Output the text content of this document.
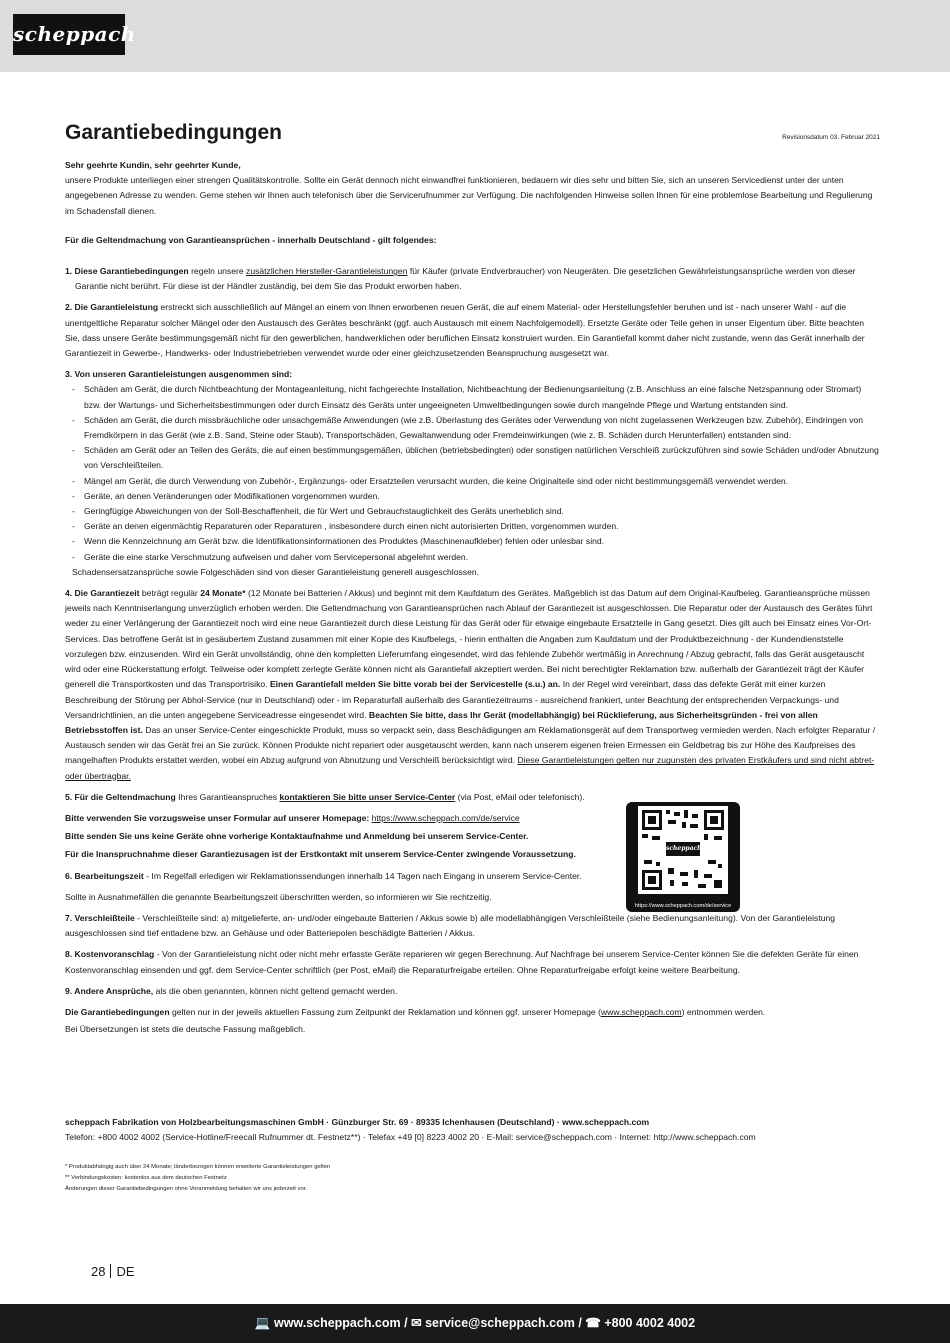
scheppach
Garantiebedingungen	Revisionsdatum 03. Februar 2021

Sehr geehrte Kundin, sehr geehrter Kunde,

unsere Produkte unterliegen einer strengen Qualitätskontrolle. Sollte ein Gerät dennoch nicht einwandfrei funktionieren, bedauern wir dies sehr und bitten Sie, sich an unseren Servicedienst unter der unten angegebenen Adresse zu wenden. Gerne stehen wir Ihnen auch telefonisch über die Servicerufnummer zur Verfügung. Die nachfolgenden Hinweise sollen Ihnen für eine problemlose Bearbeitung und Regulierung im Schadensfall dienen.

Für die Geltendmachung von Garantieansprüchen - innerhalb Deutschland - gilt folgendes:

1. Diese Garantiebedingungen regeln unsere zusätzlichen Hersteller-Garantieleistungen für Käufer (private Endverbraucher) von Neugeräten. Die gesetzlichen Gewährleistungsansprüche werden von dieser

Garantie nicht berührt. Für diese ist der Händler zuständig, bei dem Sie das Produkt erworben haben.

2. Die Garantieleistung erstreckt sich ausschließlich auf Mängel an einem von Ihnen erworbenen neuen Gerät, die auf einem Material- oder Herstellungsfehler beruhen und ist - nach unserer Wahl - auf die unentgeltliche Reparatur solcher Mängel oder den Austausch des Gerätes beschränkt (ggf. auch Austausch mit einem Nachfolgemodell). Ersetzte Geräte oder Teile gehen in unser Eigentum über. Bitte beachten Sie, dass unsere Geräte bestimmungsgemäß nicht für den gewerblichen, handwerklichen oder beruflichen Einsatz konstruiert wurden. Ein Garantiefall kommt daher nicht zustande, wenn das Gerät innerhalb der Garantiezeit in Gewerbe-, Handwerks- oder Industriebetrieben verwendet wurde oder einer gleichzusetzenden Beanspruchung ausgesetzt war.

3. Von unseren Garantieleistungen ausgenommen sind:

- Schäden am Gerät, die durch Nichtbeachtung der Montageanleitung, nicht fachgerechte Installation, Nichtbeachtung der Bedienungsanleitung (z.B. Anschluss an eine falsche Netzspannung oder Stromart) bzw. der Wartungs- und Sicherheitsbestimmungen oder durch Einsatz des Geräts unter ungeeigneten Umweltbedingungen sowie durch mangelnde Pflege und Wartung entstanden sind.
- Schäden am Gerät, die durch missbräuchliche oder unsachgemäße Anwendungen (wie z.B. Überlastung des Gerätes oder Verwendung von nicht zugelassenen Werkzeugen bzw. Zubehör), Eindringen von Fremdkörpern in das Gerät (wie z.B. Sand, Steine oder Staub), Transportschäden, Gewaltanwendung oder Fremdeinwirkungen (wie z. B. Schäden durch Herunterfallen) entstanden sind.
- Schäden am Gerät oder an Teilen des Geräts, die auf einen bestimmungsgemäßen, üblichen (betriebsbedingten) oder sonstigen natürlichen Verschleiß zurückzuführen sind sowie Schäden und/oder Abnutzung von Verschleißteilen.
- Mängel am Gerät, die durch Verwendung von Zubehör-, Ergänzungs- oder Ersatzteilen verursacht wurden, die keine Originalteile sind oder nicht bestimmungsgemäß verwendet werden.
- Geräte, an denen Veränderungen oder Modifikationen vorgenommen wurden.
- Geringfügige Abweichungen von der Soll-Beschaffenheit, die für Wert und Gebrauchstauglichkeit des Geräts unerheblich sind.
- Geräte an denen eigenmächtig Reparaturen oder Reparaturen , insbesondere durch einen nicht autorisierten Dritten, vorgenommen wurden.
- Wenn die Kennzeichnung am Gerät bzw. die Identifikationsinformationen des Produktes (Maschinenaufkleber) fehlen oder unlesbar sind.
- Geräte die eine starke Verschmutzung aufweisen und daher vom Servicepersonal abgelehnt werden.

Schadensersatzansprüche sowie Folgeschäden sind von dieser Garantieleistung generell ausgeschlossen.

4. Die Garantiezeit beträgt regulär 24 Monate* (12 Monate bei Batterien / Akkus) und beginnt mit dem Kaufdatum des Gerätes. Maßgeblich ist das Datum auf dem Original-Kaufbeleg. Garantieansprüche müssen jeweils nach Kenntniserlangung unverzüglich erhoben werden. Die Geltendmachung von Garantieansprüchen nach Ablauf der Garantiezeit ist ausgeschlossen. Die Reparatur oder der Austausch des Gerätes führt weder zu einer Verlängerung der Garantiezeit noch wird eine neue Garantiezeit durch diese Leistung für das Gerät oder für etwaige eingebaute Ersatzteile in Gang gesetzt. Dies gilt auch bei Einsatz eines Vor-Ort-Services. Das betroffene Gerät ist in gesäubertem Zustand zusammen mit einer Kopie des Kaufbelegs, - hierin enthalten die Angaben zum Kaufdatum und der Produktbezeichnung - der Kundendienststelle vorzulegen bzw. einzusenden. Wird ein Gerät unvollständig, ohne den kompletten Lieferumfang eingesendet, wird das fehlende Zubehör wertmäßig in Anrechnung / Abzug gebracht, falls das Gerät ausgetauscht wird oder eine Rückerstattung erfolgt. Teilweise oder komplett zerlegte Geräte können nicht als Garantiefall akzeptiert werden. Bei nicht berechtigter Reklamation bzw. außerhalb der Garantiezeit trägt der Käufer generell die Transportkosten und das Transportrisiko. Einen Garantiefall melden Sie bitte vorab bei der Servicestelle (s.u.) an. In der Regel wird vereinbart, dass das defekte Gerät mit einer kurzen Beschreibung der Störung per Abhol-Service (nur in Deutschland) oder - im Reparaturfall außerhalb des Garantiezeitraums - ausreichend frankiert, unter Beachtung der entsprechenden Verpackungs- und Versandrichtlinien, an die unten angegebene Serviceadresse eingesendet wird. Beachten Sie bitte, dass Ihr Gerät (modellabhängig) bei Rücklieferung, aus Sicherheitsgründen - frei von allen Betriebsstoffen ist. Das an unser Service-Center eingeschickte Produkt, muss so verpackt sein, dass Beschädigungen am Reklamationsgerät auf dem Transportweg vermieden werden. Nach erfolgter Reparatur / Austausch senden wir das Gerät frei an Sie zurück. Können Produkte nicht repariert oder ausgetauscht werden, kann nach unserem eigenen freien Ermessen ein Geldbetrag bis zur Höhe des Kaufpreises des mangelhaften Produkts erstattet werden, wobei ein Abzug aufgrund von Abnutzung und Verschleiß berücksichtigt wird. Diese Garantieleistungen gelten nur zugunsten des privaten Erstkäufers und sind nicht abtret- oder übertragbar.

5. Für die Geltendmachung Ihres Garantieanspruches kontaktieren Sie bitte unser Service-Center (via Post, eMail oder telefonisch).

Bitte verwenden Sie vorzugsweise unser Formular auf unserer Homepage: https://www.scheppach.com/de/service

Bitte senden Sie uns keine Geräte ohne vorherige Kontaktaufnahme und Anmeldung bei unserem Service-Center.

Für die Inanspruchnahme dieser Garantiezusagen ist der Erstkontakt mit unserem Service-Center zwingende Voraussetzung.

6. Bearbeitungszeit - Im Regelfall erledigen wir Reklamationssendungen innerhalb 14 Tagen nach Eingang in unserem Service-Center.

Sollte in Ausnahmefällen die genannte Bearbeitungszeit überschritten werden, so informieren wir Sie rechtzeitig.

7. Verschleißteile - Verschleißteile sind: a) mitgelieferte, an- und/oder eingebaute Batterien / Akkus sowie b) alle modellabhängigen Verschleißteile (siehe Bedienungsanleitung). Von der Garantieleistung ausgeschlossen sind tief entladene bzw. an Gehäuse und oder Batteriepolen beschädigte Batterien / Akkus.

8. Kostenvoranschlag - Von der Garantieleistung nicht oder nicht mehr erfasste Geräte reparieren wir gegen Berechnung. Auf Nachfrage bei unserem Service-Center können Sie die defekten Geräte für einen Kostenvoranschlag einsenden und ggf. dem Service-Center schriftlich (per Post, eMail) die Reparaturfreigabe erteilen. Ohne Reparaturfreigabe erfolgt keine weitere Bearbeitung.

9. Andere Ansprüche, als die oben genannten, können nicht geltend gemacht werden.

Die Garantiebedingungen gelten nur in der jeweils aktuellen Fassung zum Zeitpunkt der Reklamation und können ggf. unserer Homepage (www.scheppach.com) entnommen werden.

Bei Übersetzungen ist stets die deutsche Fassung maßgeblich.

scheppach
https://www.scheppach.com/de/service

scheppach Fabrikation von Holzbearbeitungsmaschinen GmbH · Günzburger Str. 69 · 89335 Ichenhausen (Deutschland) · www.scheppach.com

Telefon: +800 4002 4002 (Service-Hotline/Freecall Rufnummer dt. Festnetz**) · Telefax +49 [0] 8223 4002 20 · E-Mail: service@scheppach.com · Internet: http://www.scheppach.com

* Produktabhängig auch über 24 Monate; länderbezogen können erweiterte Garantieleistungen gelten
** Verbindungskosten: kostenlos aus dem deutschen Festnetz
Änderungen dieser Garantiebedingungen ohne Voranmeldung behalten wir uns jederzeit vor.
28 DE
💻 www.scheppach.com / ✉ service@scheppach.com / ☎ +800 4002 4002
